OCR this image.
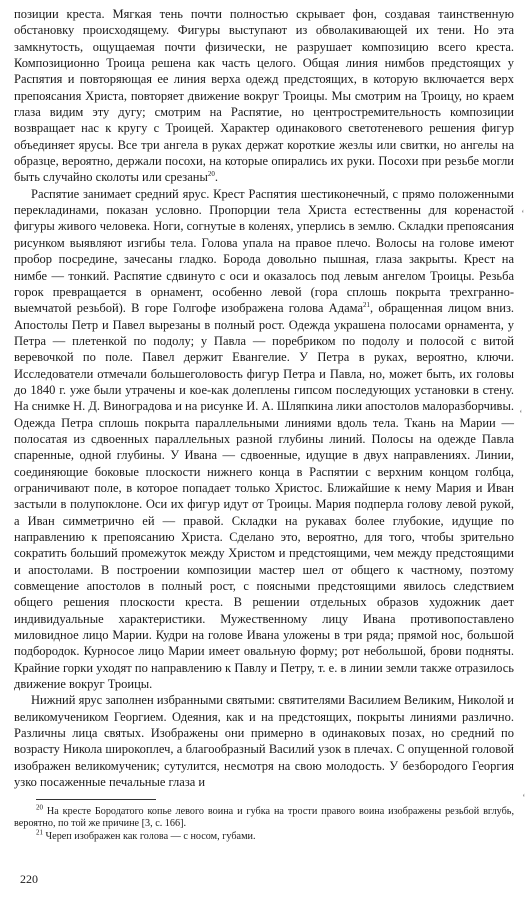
позиции креста. Мягкая тень почти полностью скрывает фон, создавая таинственную обстановку происходящему. Фигуры выступают из обволакивающей их тени. Но эта замкнутость, ощущаемая почти физически, не разрушает композицию всего креста. Композиционно Троица решена как часть целого. Общая линия нимбов предстоящих у Распятия и повторяющая ее линия верха одежд предстоящих, в которую включается верх препоясания Христа, повторяет движение вокруг Троицы. Мы смотрим на Троицу, но краем глаза видим эту дугу; смотрим на Распятие, но центростремительность композиции возвращает нас к кругу с Троицей. Характер одинакового светотеневого решения фигур объединяет ярусы. Все три ангела в руках держат короткие жезлы или свитки, но ангелы на образце, вероятно, держали посохи, на которые опирались их руки. Посохи при резьбе могли быть случайно сколоты или срезаны$^{20}$.

Распятие занимает средний ярус. Крест Распятия шестиконечный, с прямо положенными перекладинами, показан условно. Пропорции тела Христа естественны для коренастой фигуры живого человека. Ноги, согнутые в коленях, уперлись в землю. Складки препоясания рисунком выявляют изгибы тела. Голова упала на правое плечо. Волосы на голове имеют пробор посредине, зачесаны гладко. Борода довольно пышная, глаза закрыты. Крест на нимбе — тонкий. Распятие сдвинуто с оси и оказалось под левым ангелом Троицы. Резьба горок превращается в орнамент, особенно левой (гора сплошь покрыта трехгранно-выемчатой резьбой). В горе Голгофе изображена голова Адама$^{21}$, обращенная лицом вниз. Апостолы Петр и Павел вырезаны в полный рост. Одежда украшена полосами орнамента, у Петра — плетенкой по подолу; у Павла — поребриком по подолу и полосой с витой веревочкой по поле. Павел держит Евангелие. У Петра в руках, вероятно, ключи. Исследователи отмечали большеголовость фигур Петра и Павла, но, может быть, их головы до 1840 г. уже были утрачены и кое-как долеплены гипсом последующих установки в стену. На снимке Н. Д. Виноградова и на рисунке И. А. Шляпкина лики апостолов малоразборчивы. Одежда Петра сплошь покрыта параллельными линиями вдоль тела. Ткань на Марии — полосатая из сдвоенных параллельных разной глубины линий. Полосы на одежде Павла спаренные, одной глубины. У Ивана — сдвоенные, идущие в двух направлениях. Линии, соединяющие боковые плоскости нижнего конца в Распятии с верхним концом голбца, ограничивают поле, в которое попадает только Христос. Ближайшие к нему Мария и Иван застыли в полупоклоне. Оси их фигур идут от Троицы. Мария подперла голову левой рукой, а Иван симметрично ей — правой. Складки на рукавах более глубокие, идущие по направлению к препоясанию Христа. Сделано это, вероятно, для того, чтобы зрительно сократить больший промежуток между Христом и предстоящими, чем между предстоящими и апостолами. В построении композиции мастер шел от общего к частному, поэтому совмещение апостолов в полный рост, с поясными предстоящими явилось следствием общего решения плоскости креста. В решении отдельных образов художник дает индивидуальные характеристики. Мужественному лицу Ивана противопоставлено миловидное лицо Марии. Кудри на голове Ивана уложены в три ряда; прямой нос, большой подбородок. Курносое лицо Марии имеет овальную форму; рот небольшой, брови подняты. Крайние горки уходят по направлению к Павлу и Петру, т. е. в линии земли также отразилось движение вокруг Троицы.

Нижний ярус заполнен избранными святыми: святителями Василием Великим, Николой и великомучеником Георгием. Одеяния, как и на предстоящих, покрыты линиями различно. Различны лица святых. Изображены они примерно в одинаковых позах, но средний по возрасту Никола широкоплеч, а благообразный Василий узок в плечах. С опущенной головой изображен великомученик; сутулится, несмотря на свою молодость. У безбородого Георгия узко посаженные печальные глаза и

$^{20}$ На кресте Бородатого копье левого воина и губка на трости правого воина изображены резьбой вглубь, вероятно, по той же причине [3, с. 166].

$^{21}$ Череп изображен как голова — с носом, губами.

220
‘
‘
‘
